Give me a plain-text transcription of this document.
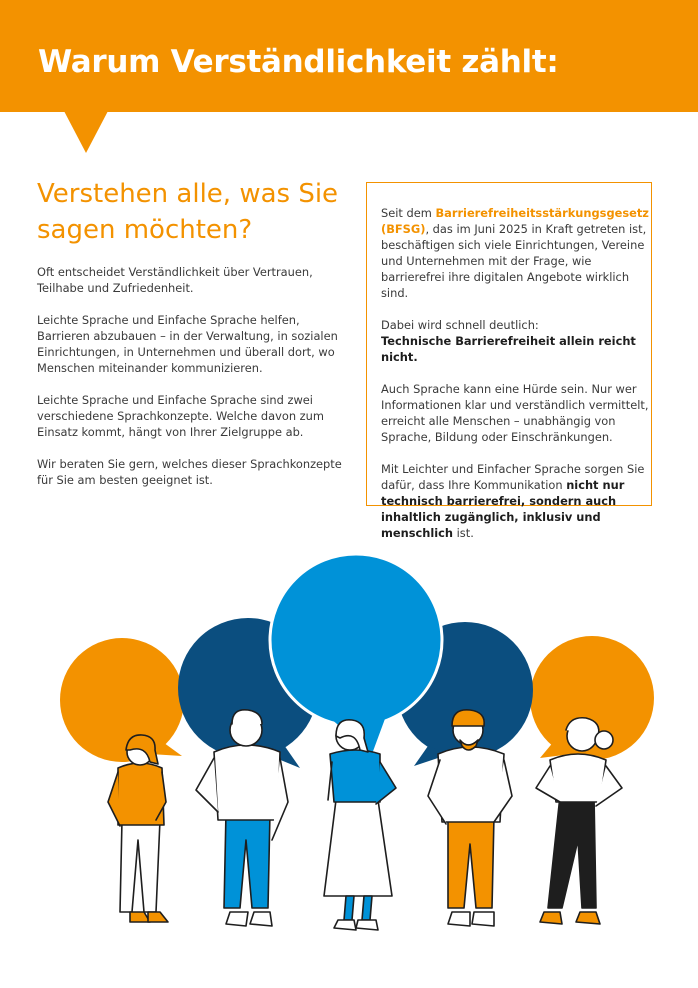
Warum Verständlichkeit zählt:
Verstehen alle, was Sie sagen möchten?

Oft entscheidet Verständlichkeit über Vertrauen, Teilhabe und Zufriedenheit.

Leichte Sprache und Einfache Sprache helfen, Barrieren abzubauen – in der Verwaltung, in sozialen Einrichtungen, in Unternehmen und überall dort, wo Menschen miteinander kommunizieren.

Leichte Sprache und Einfache Sprache sind zwei verschiedene Sprachkonzepte. Welche davon zum Einsatz kommt, hängt von Ihrer Zielgruppe ab.

Wir beraten Sie gern, welches dieser Sprachkonzepte für Sie am besten geeignet ist.

Seit dem Barrierefreiheitsstärkungsgesetz (BFSG), das im Juni 2025 in Kraft getreten ist, beschäftigen sich viele Einrichtungen, Vereine und Unternehmen mit der Frage, wie barrierefrei ihre digitalen Angebote wirklich sind.

Dabei wird schnell deutlich:
Technische Barrierefreiheit allein reicht nicht.

Auch Sprache kann eine Hürde sein. Nur wer Informationen klar und verständlich vermittelt, erreicht alle Menschen – unabhängig von Sprache, Bildung oder Einschränkungen.

Mit Leichter und Einfacher Sprache sorgen Sie dafür, dass Ihre Kommunikation nicht nur technisch barrierefrei, sondern auch inhaltlich zugänglich, inklusiv und menschlich ist.
